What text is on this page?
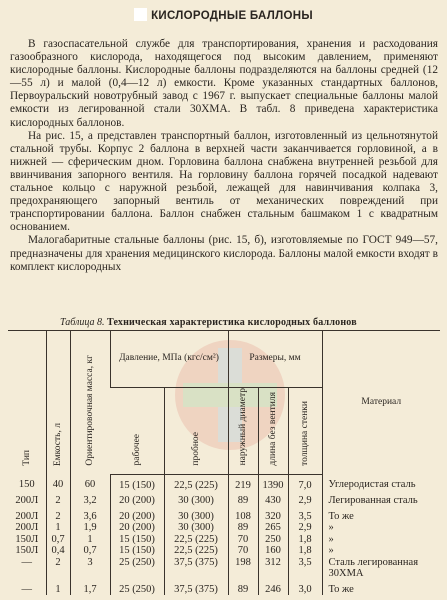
КИСЛОРОДНЫЕ БАЛЛОНЫ

В газоспасательной службе для транспортирования, хранения и расходования газообразного кислорода, находящегося под высоким давлением, применяют кислородные баллоны. Кислородные баллоны подразделяются на баллоны средней (12—55 л) и малой (0,4—12 л) емкости. Кроме указанных стандартных баллонов, Первоуральский новотрубный завод с 1967 г. выпускает специальные баллоны малой емкости из легированной стали 30ХМА. В табл. 8 приведена характеристика кислородных баллонов.

На рис. 15, а представлен транспортный баллон, изготовленный из цельнотянутой стальной трубы. Корпус 2 баллона в верхней части заканчивается горловиной, а в нижней — сферическим дном. Горловина баллона снабжена внутренней резьбой для ввинчивания запорного вентиля. На горловину баллона горячей посадкой надевают стальное кольцо с наружной резьбой, лежащей для навинчивания колпака 3, предохраняющего запорный вентиль от механических повреждений при транспортировании баллона. Баллон снабжен стальным башмаком 1 с квадратным основанием.

Малогабаритные стальные баллоны (рис. 15, б), изготовляемые по ГОСТ 949—57, предназначены для хранения медицинского кислорода. Баллоны малой емкости входят в комплект кислородных

Таблица 8. Техническая характеристика кислородных баллонов
Тип	Емкость, л	Ориентировочная масса, кг	Давление, МПа (кгс/см²)		Размеры, мм			Материал
			рабочее	пробное	наружный диаметр	длина без вентиля	толщина стенки	
150	40	60	15 (150)	22,5 (225)	219	1390	7,0	Углеродистая сталь
200Л	2	3,2	20 (200)	30 (300)	89	430	2,9	Легированная сталь
200Л	2	3,6	20 (200)	30 (300)	108	320	3,5	То же
200Л	1	1,9	20 (200)	30 (300)	89	265	2,9	»
150Л	0,7	1	15 (150)	22,5 (225)	70	250	1,8	»
150Л	0,4	0,7	15 (150)	22,5 (225)	70	160	1,8	»
—	2	3	25 (250)	37,5 (375)	198	312	3,5	Сталь легированная 30ХМА
—	1	1,7	25 (250)	37,5 (375)	89	246	3,0	То же
